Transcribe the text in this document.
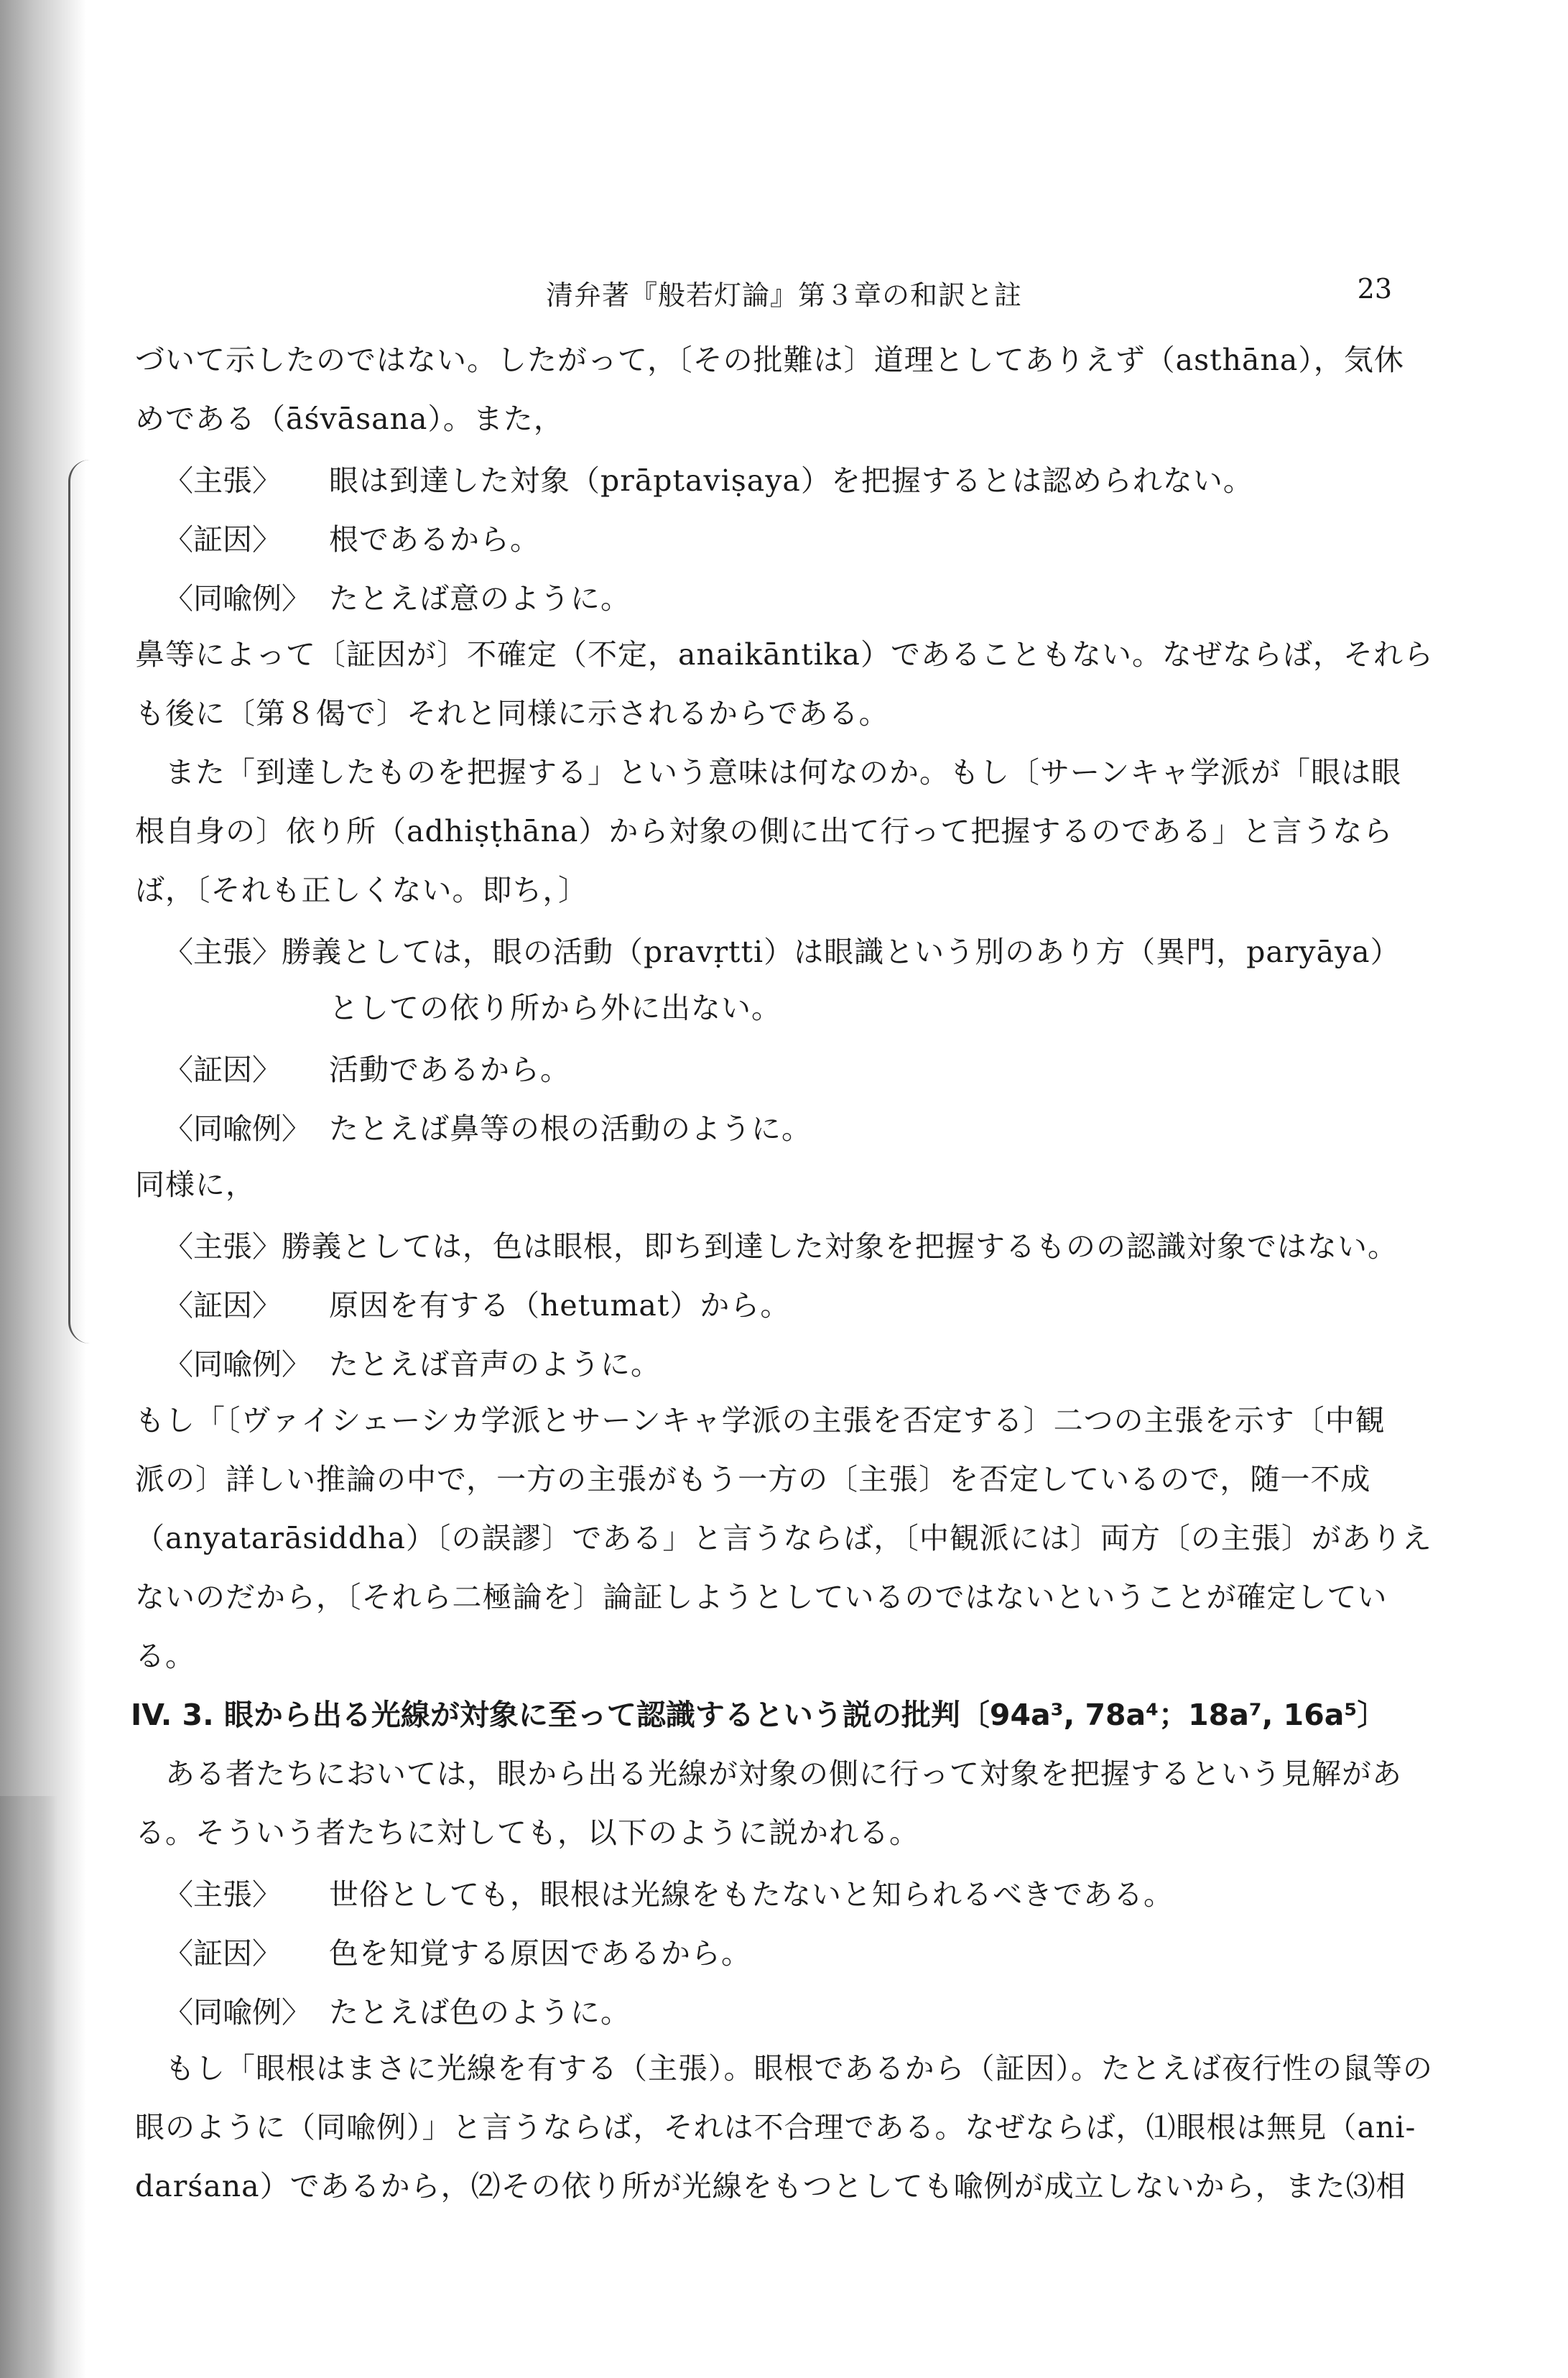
清弁著『般若灯論』第３章の和訳と註	23
づいて示したのではない。したがって，〔その批難は〕道理としてありえず（asthāna），気休
めである（āśvāsana）。また，
〈主張〉	眼は到達した対象（prāptaviṣaya）を把握するとは認められない。
〈証因〉	根であるから。
〈同喩例〉 たとえば意のように。
鼻等によって〔証因が〕不確定（不定，anaikāntika）であることもない。なぜならば，それら
も後に〔第８偈で〕それと同様に示されるからである。
また「到達したものを把握する」という意味は何なのか。もし〔サーンキャ学派が「眼は眼
根自身の〕依り所（adhiṣṭhāna）から対象の側に出て行って把握するのである」と言うなら
ば，〔それも正しくない。即ち，〕
〈主張〉 勝義としては，眼の活動（pravṛtti）は眼識という別のあり方（異門，paryāya）
としての依り所から外に出ない。
〈証因〉	活動であるから。
〈同喩例〉 たとえば鼻等の根の活動のように。
同様に，
〈主張〉 勝義としては，色は眼根，即ち到達した対象を把握するものの認識対象ではない。
〈証因〉	原因を有する（hetumat）から。
〈同喩例〉 たとえば音声のように。
もし「〔ヴァイシェーシカ学派とサーンキャ学派の主張を否定する〕二つの主張を示す〔中観
派の〕詳しい推論の中で，一方の主張がもう一方の〔主張〕を否定しているので，随一不成
（anyatarāsiddha）〔の誤謬〕である」と言うならば，〔中観派には〕両方〔の主張〕がありえ
ないのだから，〔それら二極論を〕論証しようとしているのではないということが確定してい
る。
IV. 3. 眼から出る光線が対象に至って認識するという説の批判〔94a³, 78a⁴；18a⁷, 16a⁵〕
ある者たちにおいては，眼から出る光線が対象の側に行って対象を把握するという見解があ
る。そういう者たちに対しても，以下のように説かれる。
〈主張〉	世俗としても，眼根は光線をもたないと知られるべきである。
〈証因〉	色を知覚する原因であるから。
〈同喩例〉 たとえば色のように。
もし「眼根はまさに光線を有する（主張）。眼根であるから（証因）。たとえば夜行性の鼠等の
眼のように（同喩例）」と言うならば，それは不合理である。なぜならば，⑴眼根は無見（ani-
darśana）であるから，⑵その依り所が光線をもつとしても喩例が成立しないから，また⑶相
